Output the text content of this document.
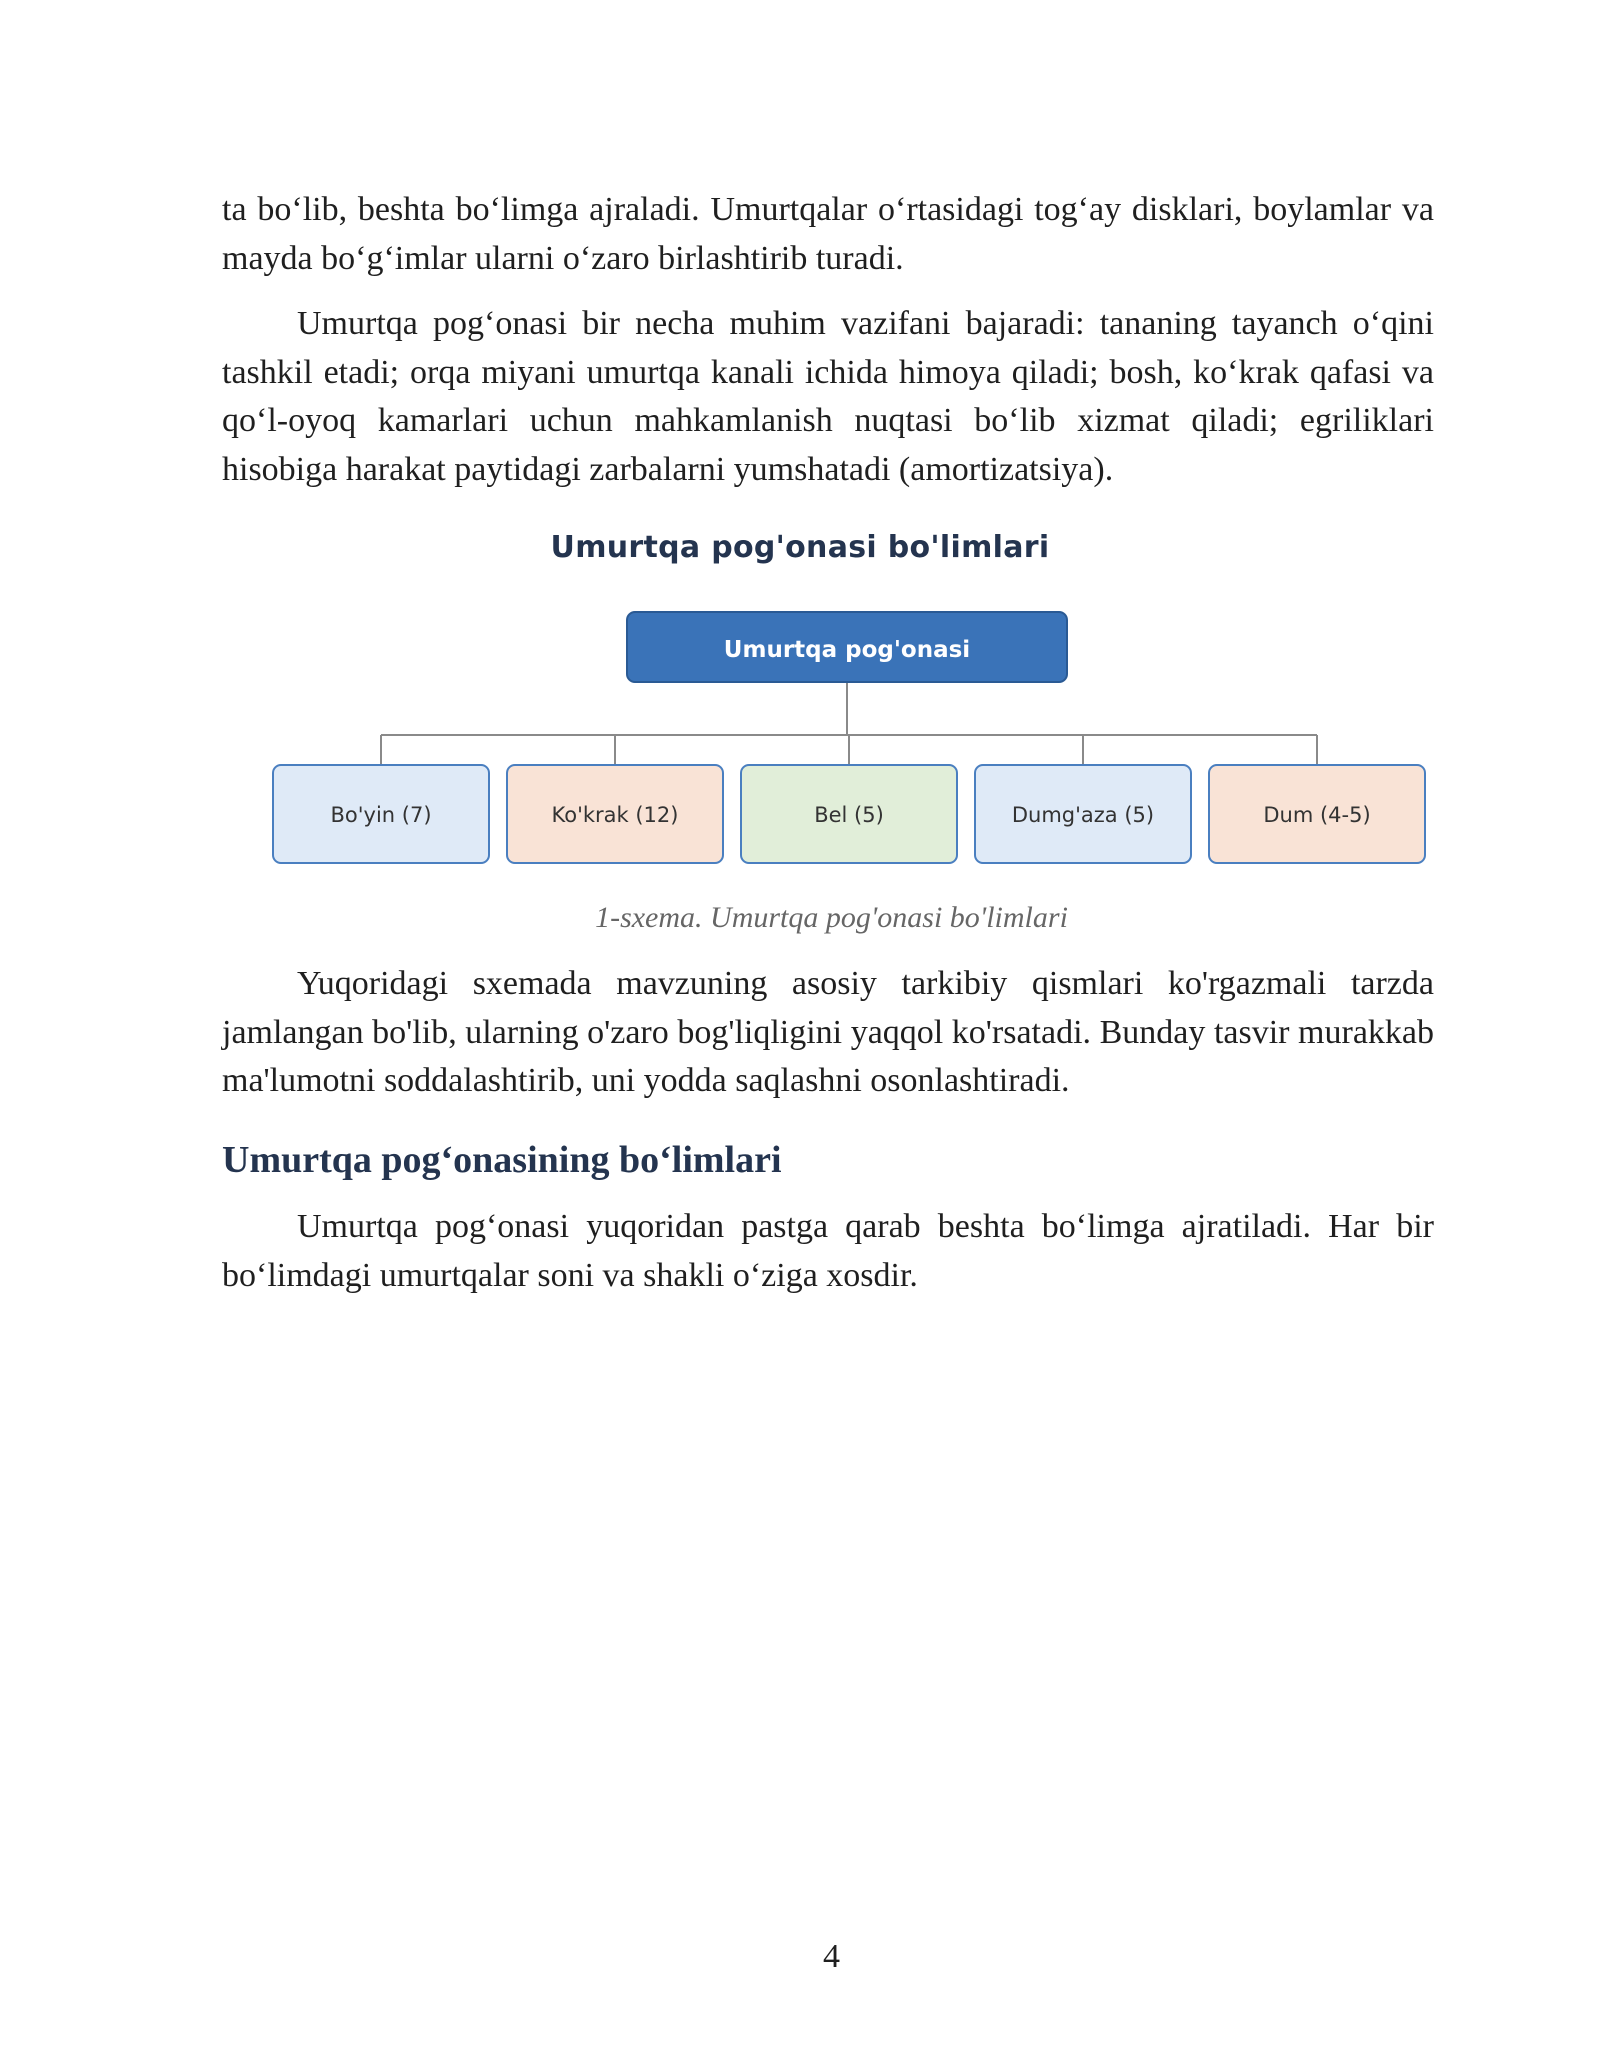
ta bo‘lib, beshta bo‘limga ajraladi. Umurtqalar o‘rtasidagi tog‘ay disklari, boylamlar va mayda bo‘g‘imlar ularni o‘zaro birlashtirib turadi.

Umurtqa pog‘onasi bir necha muhim vazifani bajaradi: tananing tayanch o‘qini tashkil etadi; orqa miyani umurtqa kanali ichida himoya qiladi; bosh, ko‘krak qafasi va qo‘l-oyoq kamarlari uchun mahkamlanish nuqtasi bo‘lib xizmat qiladi; egriliklari hisobiga harakat paytidagi zarbalarni yumshatadi (amortizatsiya).

Umurtqa pog'onasi bo'limlari

Umurtqa pog'onasi
Bo'yin (7)	Ko'krak (12)	Bel (5)	Dumg'aza (5)	Dum (4-5)

1-sxema. Umurtqa pog'onasi bo'limlari

Yuqoridagi sxemada mavzuning asosiy tarkibiy qismlari ko'rgazmali tarzda jamlangan bo'lib, ularning o'zaro bog'liqligini yaqqol ko'rsatadi. Bunday tasvir murakkab ma'lumotni soddalashtirib, uni yodda saqlashni osonlashtiradi.

Umurtqa pog‘onasining bo‘limlari

Umurtqa pog‘onasi yuqoridan pastga qarab beshta bo‘limga ajratiladi. Har bir bo‘limdagi umurtqalar soni va shakli o‘ziga xosdir.

4
